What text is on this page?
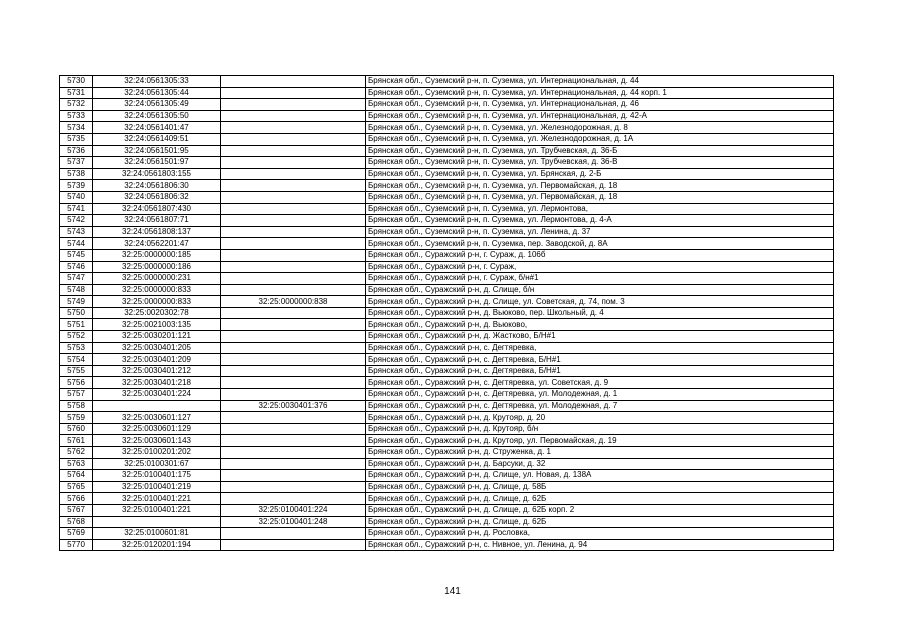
5730	32:24:0561305:33		Брянская обл., Суземский р-н, п. Суземка, ул. Интернациональная, д. 44
5731	32:24:0561305:44		Брянская обл., Суземский р-н, п. Суземка, ул. Интернациональная, д. 44 корп. 1
5732	32:24:0561305:49		Брянская обл., Суземский р-н, п. Суземка, ул. Интернациональная, д. 46
5733	32:24:0561305:50		Брянская обл., Суземский р-н, п. Суземка, ул. Интернациональная, д. 42-А
5734	32:24:0561401:47		Брянская обл., Суземский р-н, п. Суземка, ул. Железнодорожная, д. 8
5735	32:24:0561409:51		Брянская обл., Суземский р-н, п. Суземка, ул. Железнодорожная, д. 1А
5736	32:24:0561501:95		Брянская обл., Суземский р-н, п. Суземка, ул. Трубчевская, д. 36-Б
5737	32:24:0561501:97		Брянская обл., Суземский р-н, п. Суземка, ул. Трубчевская, д. 36-В
5738	32:24:0561803:155		Брянская обл., Суземский р-н, п. Суземка, ул. Брянская, д. 2-Б
5739	32:24:0561806:30		Брянская обл., Суземский р-н, п. Суземка, ул. Первомайская, д. 18
5740	32:24:0561806:32		Брянская обл., Суземский р-н, п. Суземка, ул. Первомайская, д. 18
5741	32:24:0561807:430		Брянская обл., Суземский р-н, п. Суземка, ул. Лермонтова,
5742	32:24:0561807:71		Брянская обл., Суземский р-н, п. Суземка, ул. Лермонтова, д. 4-А
5743	32:24:0561808:137		Брянская обл., Суземский р-н, п. Суземка, ул. Ленина, д. 37
5744	32:24:0562201:47		Брянская обл., Суземский р-н, п. Суземка, пер. Заводской, д. 8А
5745	32:25:0000000:185		Брянская обл., Суражский р-н, г. Сураж, д. 106б
5746	32:25:0000000:186		Брянская обл., Суражский р-н, г. Сураж,
5747	32:25:0000000:231		Брянская обл., Суражский р-н, г. Сураж, б/н#1
5748	32:25:0000000:833		Брянская обл., Суражский р-н, д. Слище, б/н
5749	32:25:0000000:833	32:25:0000000:838	Брянская обл., Суражский р-н, д. Слище, ул. Советская, д. 74, пом. 3
5750	32:25:0020302:78		Брянская обл., Суражский р-н, д. Вьюково, пер. Школьный, д. 4
5751	32:25:0021003:135		Брянская обл., Суражский р-н, д. Вьюково,
5752	32:25:0030201:121		Брянская обл., Суражский р-н, д. Жастково, Б/Н#1
5753	32:25:0030401:205		Брянская обл., Суражский р-н, с. Дегтяревка,
5754	32:25:0030401:209		Брянская обл., Суражский р-н, с. Дегтяревка, Б/Н#1
5755	32:25:0030401:212		Брянская обл., Суражский р-н, с. Дегтяревка, Б/Н#1
5756	32:25:0030401:218		Брянская обл., Суражский р-н, с. Дегтяревка, ул. Советская, д. 9
5757	32:25:0030401:224		Брянская обл., Суражский р-н, с. Дегтяревка, ул. Молодежная, д. 1
5758		32:25:0030401:376	Брянская обл., Суражский р-н, с. Дегтяревка, ул. Молодежная, д. 7
5759	32:25:0030601:127		Брянская обл., Суражский р-н, д. Крутояр, д. 20
5760	32:25:0030601:129		Брянская обл., Суражский р-н, д. Крутояр, б/н
5761	32:25:0030601:143		Брянская обл., Суражский р-н, д. Крутояр, ул. Первомайская, д. 19
5762	32:25:0100201:202		Брянская обл., Суражский р-н, д. Струженка, д. 1
5763	32:25:0100301:67		Брянская обл., Суражский р-н, д. Барсуки, д. 32
5764	32:25:0100401:175		Брянская обл., Суражский р-н, д. Слище, ул. Новая, д. 138А
5765	32:25:0100401:219		Брянская обл., Суражский р-н, д. Слище, д. 58Б
5766	32:25:0100401:221		Брянская обл., Суражский р-н, д. Слище, д. 62Б
5767	32:25:0100401:221	32:25:0100401:224	Брянская обл., Суражский р-н, д. Слище, д. 62Б корп. 2
5768		32:25:0100401:248	Брянская обл., Суражский р-н, д. Слище, д. 62Б
5769	32:25:0100601:81		Брянская обл., Суражский р-н, д. Рословка,
5770	32:25:0120201:194		Брянская обл., Суражский р-н, с. Нивное, ул. Ленина, д. 94
141
